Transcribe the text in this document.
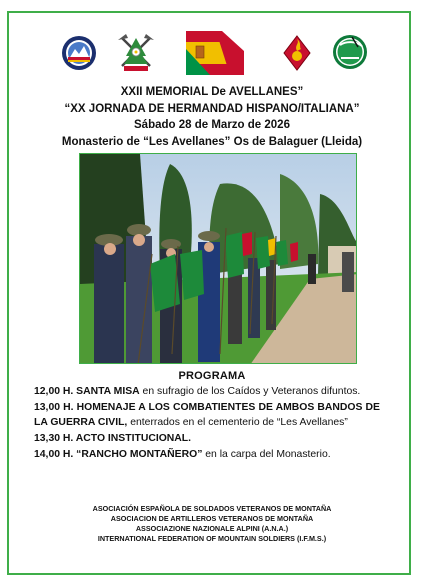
XXII MEMORIAL De AVELLANES”
“XX JORNADA DE HERMANDAD HISPANO/ITALIANA”
Sábado 28 de Marzo de 2026
Monasterio de “Les Avellanes” Os de Balaguer (Lleida)
PROGRAMA

12,00 H. SANTA MISA en sufragio de los Caídos y Veteranos difuntos.

13,00 H. HOMENAJE A LOS COMBATIENTES DE AMBOS BANDOS DE LA GUERRA CIVIL, enterrados en el cementerio de “Les Avellanes”

13,30 H. ACTO INSTITUCIONAL.

14,00 H. “RANCHO MONTAÑERO” en la carpa del Monasterio.

ASOCIACIÓN ESPAÑOLA DE SOLDADOS VETERANOS DE MONTAÑA
ASOCIACION DE ARTILLEROS VETERANOS DE MONTAÑA
ASSOCIAZIONE NAZIONALE ALPINI (A.N.A.)
INTERNATIONAL FEDERATION OF MOUNTAIN SOLDIERS (I.F.M.S.)
